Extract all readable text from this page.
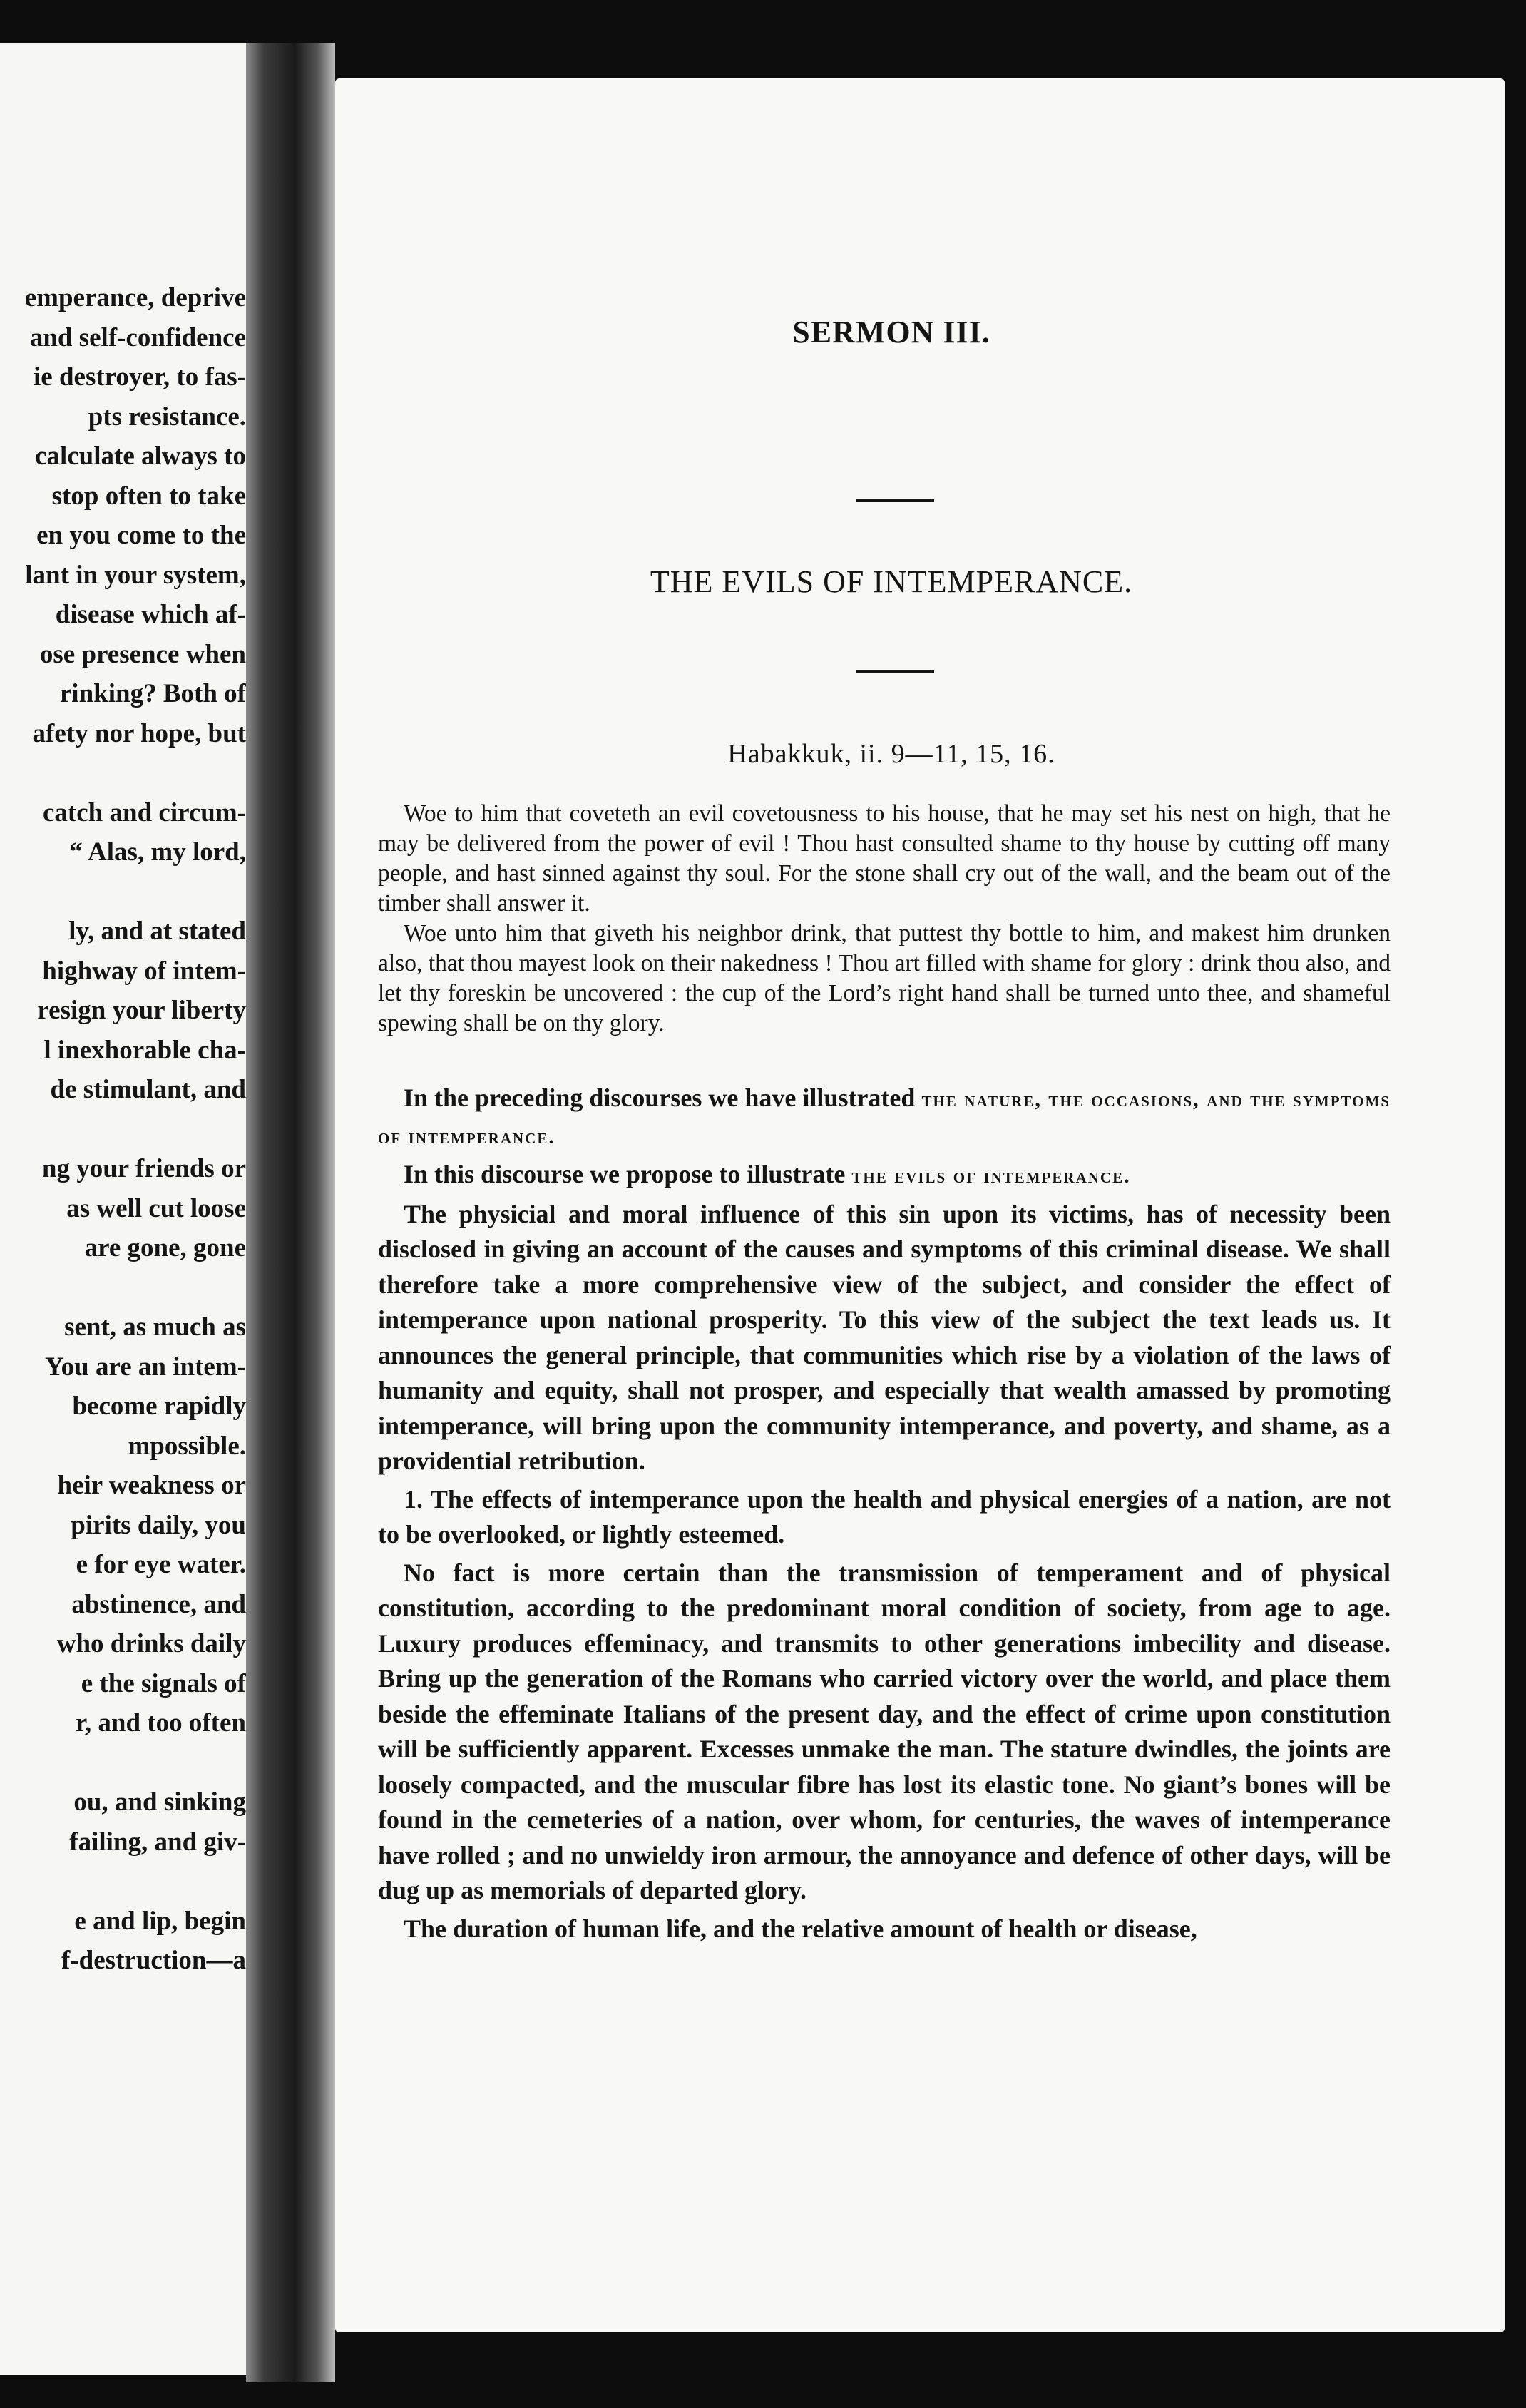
emperance, deprive
and self-confidence
ie destroyer, to fas-
pts resistance.
calculate always to
stop often to take
en you come to the
lant in your system,
disease which af-
ose presence when
rinking? Both of
afety nor hope, but
catch and circum-
“ Alas, my lord,
ly, and at stated
highway of intem-
resign your liberty
l inexhorable cha-
de stimulant, and
ng your friends or
as well cut loose
are gone, gone
sent, as much as
You are an intem-
become rapidly
mpossible.
heir weakness or
pirits daily, you
e for eye water.
abstinence, and
who drinks daily
e the signals of
r, and too often
ou, and sinking
failing, and giv-
e and lip, begin
f-destruction—a
SERMON III.
THE EVILS OF INTEMPERANCE.
Habakkuk, ii. 9—11, 15, 16.

Woe to him that coveteth an evil covetousness to his house, that he may set his nest on high, that he may be delivered from the power of evil ! Thou hast consulted shame to thy house by cutting off many people, and hast sinned against thy soul. For the stone shall cry out of the wall, and the beam out of the timber shall answer it.

Woe unto him that giveth his neighbor drink, that puttest thy bottle to him, and makest him drunken also, that thou mayest look on their nakedness ! Thou art filled with shame for glory : drink thou also, and let thy foreskin be uncovered : the cup of the Lord’s right hand shall be turned unto thee, and shameful spewing shall be on thy glory.

In the preceding discourses we have illustrated the nature, the occasions, and the symptoms of intemperance.

In this discourse we propose to illustrate the evils of intemperance.

The physicial and moral influence of this sin upon its victims, has of necessity been disclosed in giving an account of the causes and symptoms of this criminal disease. We shall therefore take a more comprehensive view of the subject, and consider the effect of intemperance upon national prosperity. To this view of the subject the text leads us. It announces the general principle, that communities which rise by a violation of the laws of humanity and equity, shall not prosper, and especially that wealth amassed by promoting intemperance, will bring upon the community intemperance, and poverty, and shame, as a providential retribution.

1. The effects of intemperance upon the health and physical energies of a nation, are not to be overlooked, or lightly esteemed.

No fact is more certain than the transmission of temperament and of physical constitution, according to the predominant moral condition of society, from age to age. Luxury produces effeminacy, and transmits to other generations imbecility and disease. Bring up the generation of the Romans who carried victory over the world, and place them beside the effeminate Italians of the present day, and the effect of crime upon constitution will be sufficiently apparent. Excesses unmake the man. The stature dwindles, the joints are loosely compacted, and the muscular fibre has lost its elastic tone. No giant’s bones will be found in the cemeteries of a nation, over whom, for centuries, the waves of intemperance have rolled ; and no unwieldy iron armour, the annoyance and defence of other days, will be dug up as memorials of departed glory.

The duration of human life, and the relative amount of health or disease,
